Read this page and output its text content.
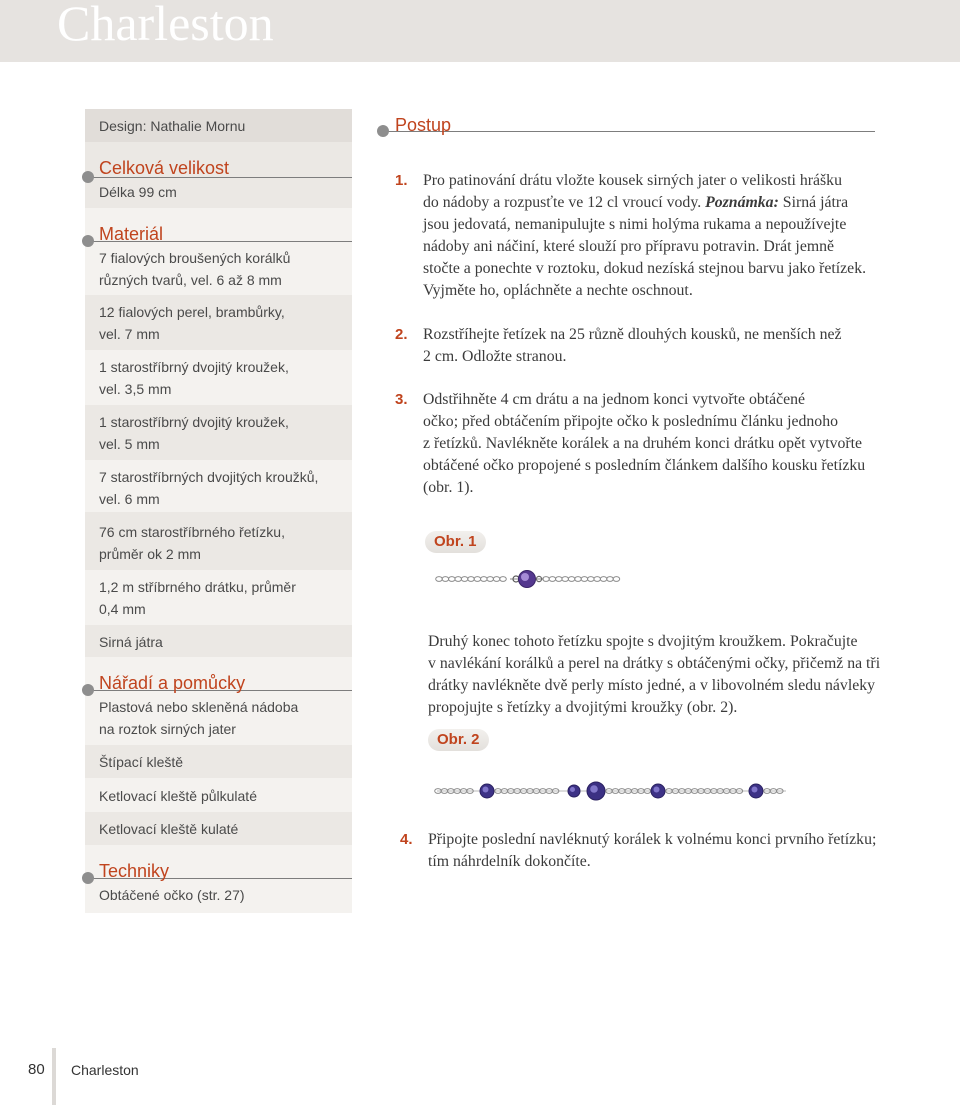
Charleston
Design: Nathalie Mornu
Celková velikost
Délka 99 cm
Materiál
7 fialových broušených korálků
různých tvarů, vel. 6 až 8 mm
12 fialových perel, brambůrky,
vel. 7 mm
1 starostříbrný dvojitý kroužek,
vel. 3,5 mm
1 starostříbrný dvojitý kroužek,
vel. 5 mm
7 starostříbrných dvojitých kroužků,
vel. 6 mm
76 cm starostříbrného řetízku,
průměr ok 2 mm
1,2 m stříbrného drátku, průměr
0,4 mm
Sirná játra
Nářadí a pomůcky
Plastová nebo skleněná nádoba
na roztok sirných jater
Štípací kleště
Ketlovací kleště půlkulaté
Ketlovací kleště kulaté
Techniky
Obtáčené očko (str. 27)
Postup
1. Pro patinování drátu vložte kousek sirných jater o velikosti hrášku
do nádoby a rozpusťte ve 12 cl vroucí vody. Poznámka: Sirná játra
jsou jedovatá, nemanipulujte s nimi holýma rukama a nepoužívejte
nádoby ani náčiní, které slouží pro přípravu potravin. Drát jemně
stočte a ponechte v roztoku, dokud nezíská stejnou barvu jako řetízek.
Vyjměte ho, opláchněte a nechte oschnout.
2. Rozstříhejte řetízek na 25 různě dlouhých kousků, ne menších než
2 cm. Odložte stranou.
3. Odstřihněte 4 cm drátu a na jednom konci vytvořte obtáčené
očko; před obtáčením připojte očko k poslednímu článku jednoho
z řetízků. Navlékněte korálek a na druhém konci drátku opět vytvořte
obtáčené očko propojené s posledním článkem dalšího kousku řetízku
(obr. 1).
Obr. 1
Druhý konec tohoto řetízku spojte s dvojitým kroužkem. Pokračujte
v navlékání korálků a perel na drátky s obtáčenými očky, přičemž na tři
drátky navlékněte dvě perly místo jedné, a v libovolném sledu návleky
propojujte s řetízky a dvojitými kroužky (obr. 2).
Obr. 2
4. Připojte poslední navléknutý korálek k volnému konci prvního řetízku;
tím náhrdelník dokončíte.
80 Charleston
